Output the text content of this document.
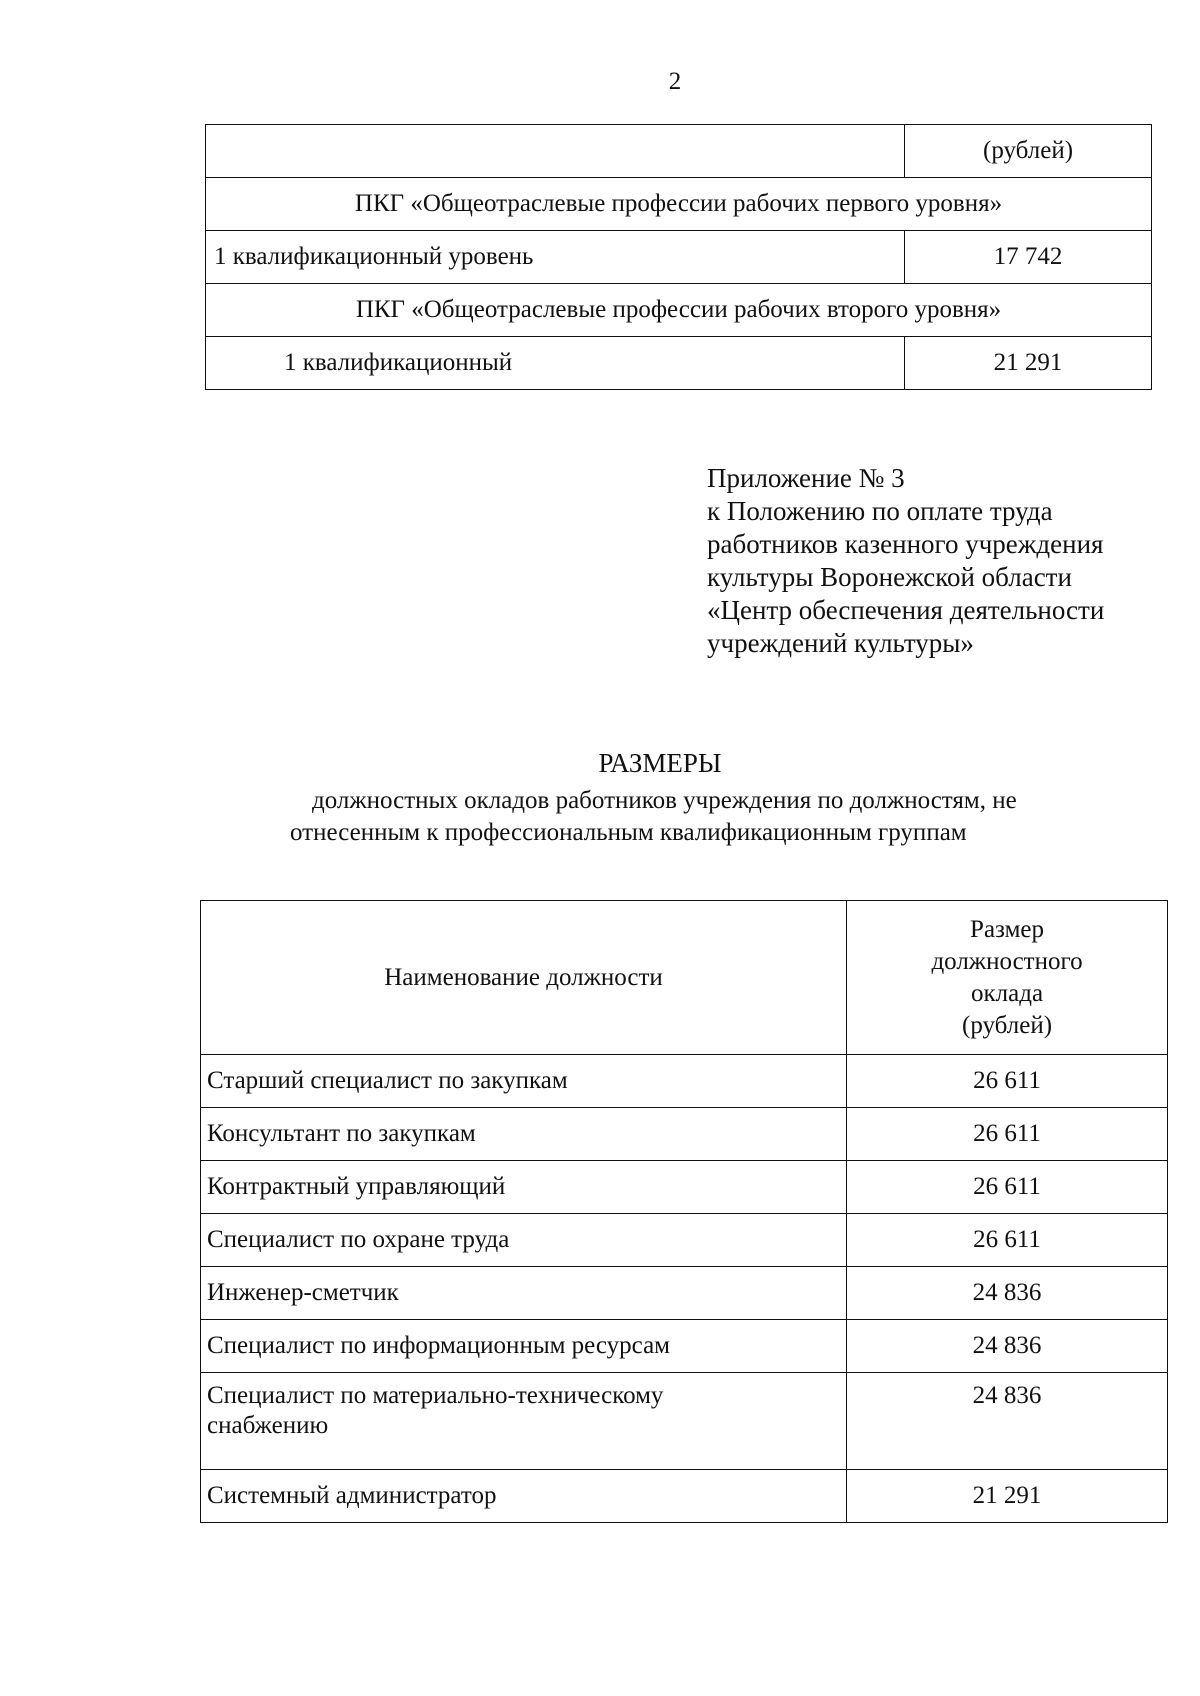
2
	(рублей)
ПКГ «Общеотраслевые профессии рабочих первого уровня»	
1 квалификационный уровень	17 742
ПКГ «Общеотраслевые профессии рабочих второго уровня»	
1 квалификационный	21 291
Приложение № 3
к Положению по оплате труда
работников казенного учреждения
культуры Воронежской области
«Центр обеспечения деятельности
учреждений культуры»
РАЗМЕРЫ
должностных окладов работников учреждения по должностям, не
отнесенным к профессиональным квалификационным группам
Наименование должности	Размер
должностного
оклада
(рублей)

Старший специалист по закупкам	26 611
Консультант по закупкам	26 611
Контрактный управляющий	26 611
Специалист по охране труда	26 611
Инженер-сметчик	24 836
Специалист по информационным ресурсам	24 836

Специалист по материально-техническому
снабжению	24 836
Системный администратор	21 291
